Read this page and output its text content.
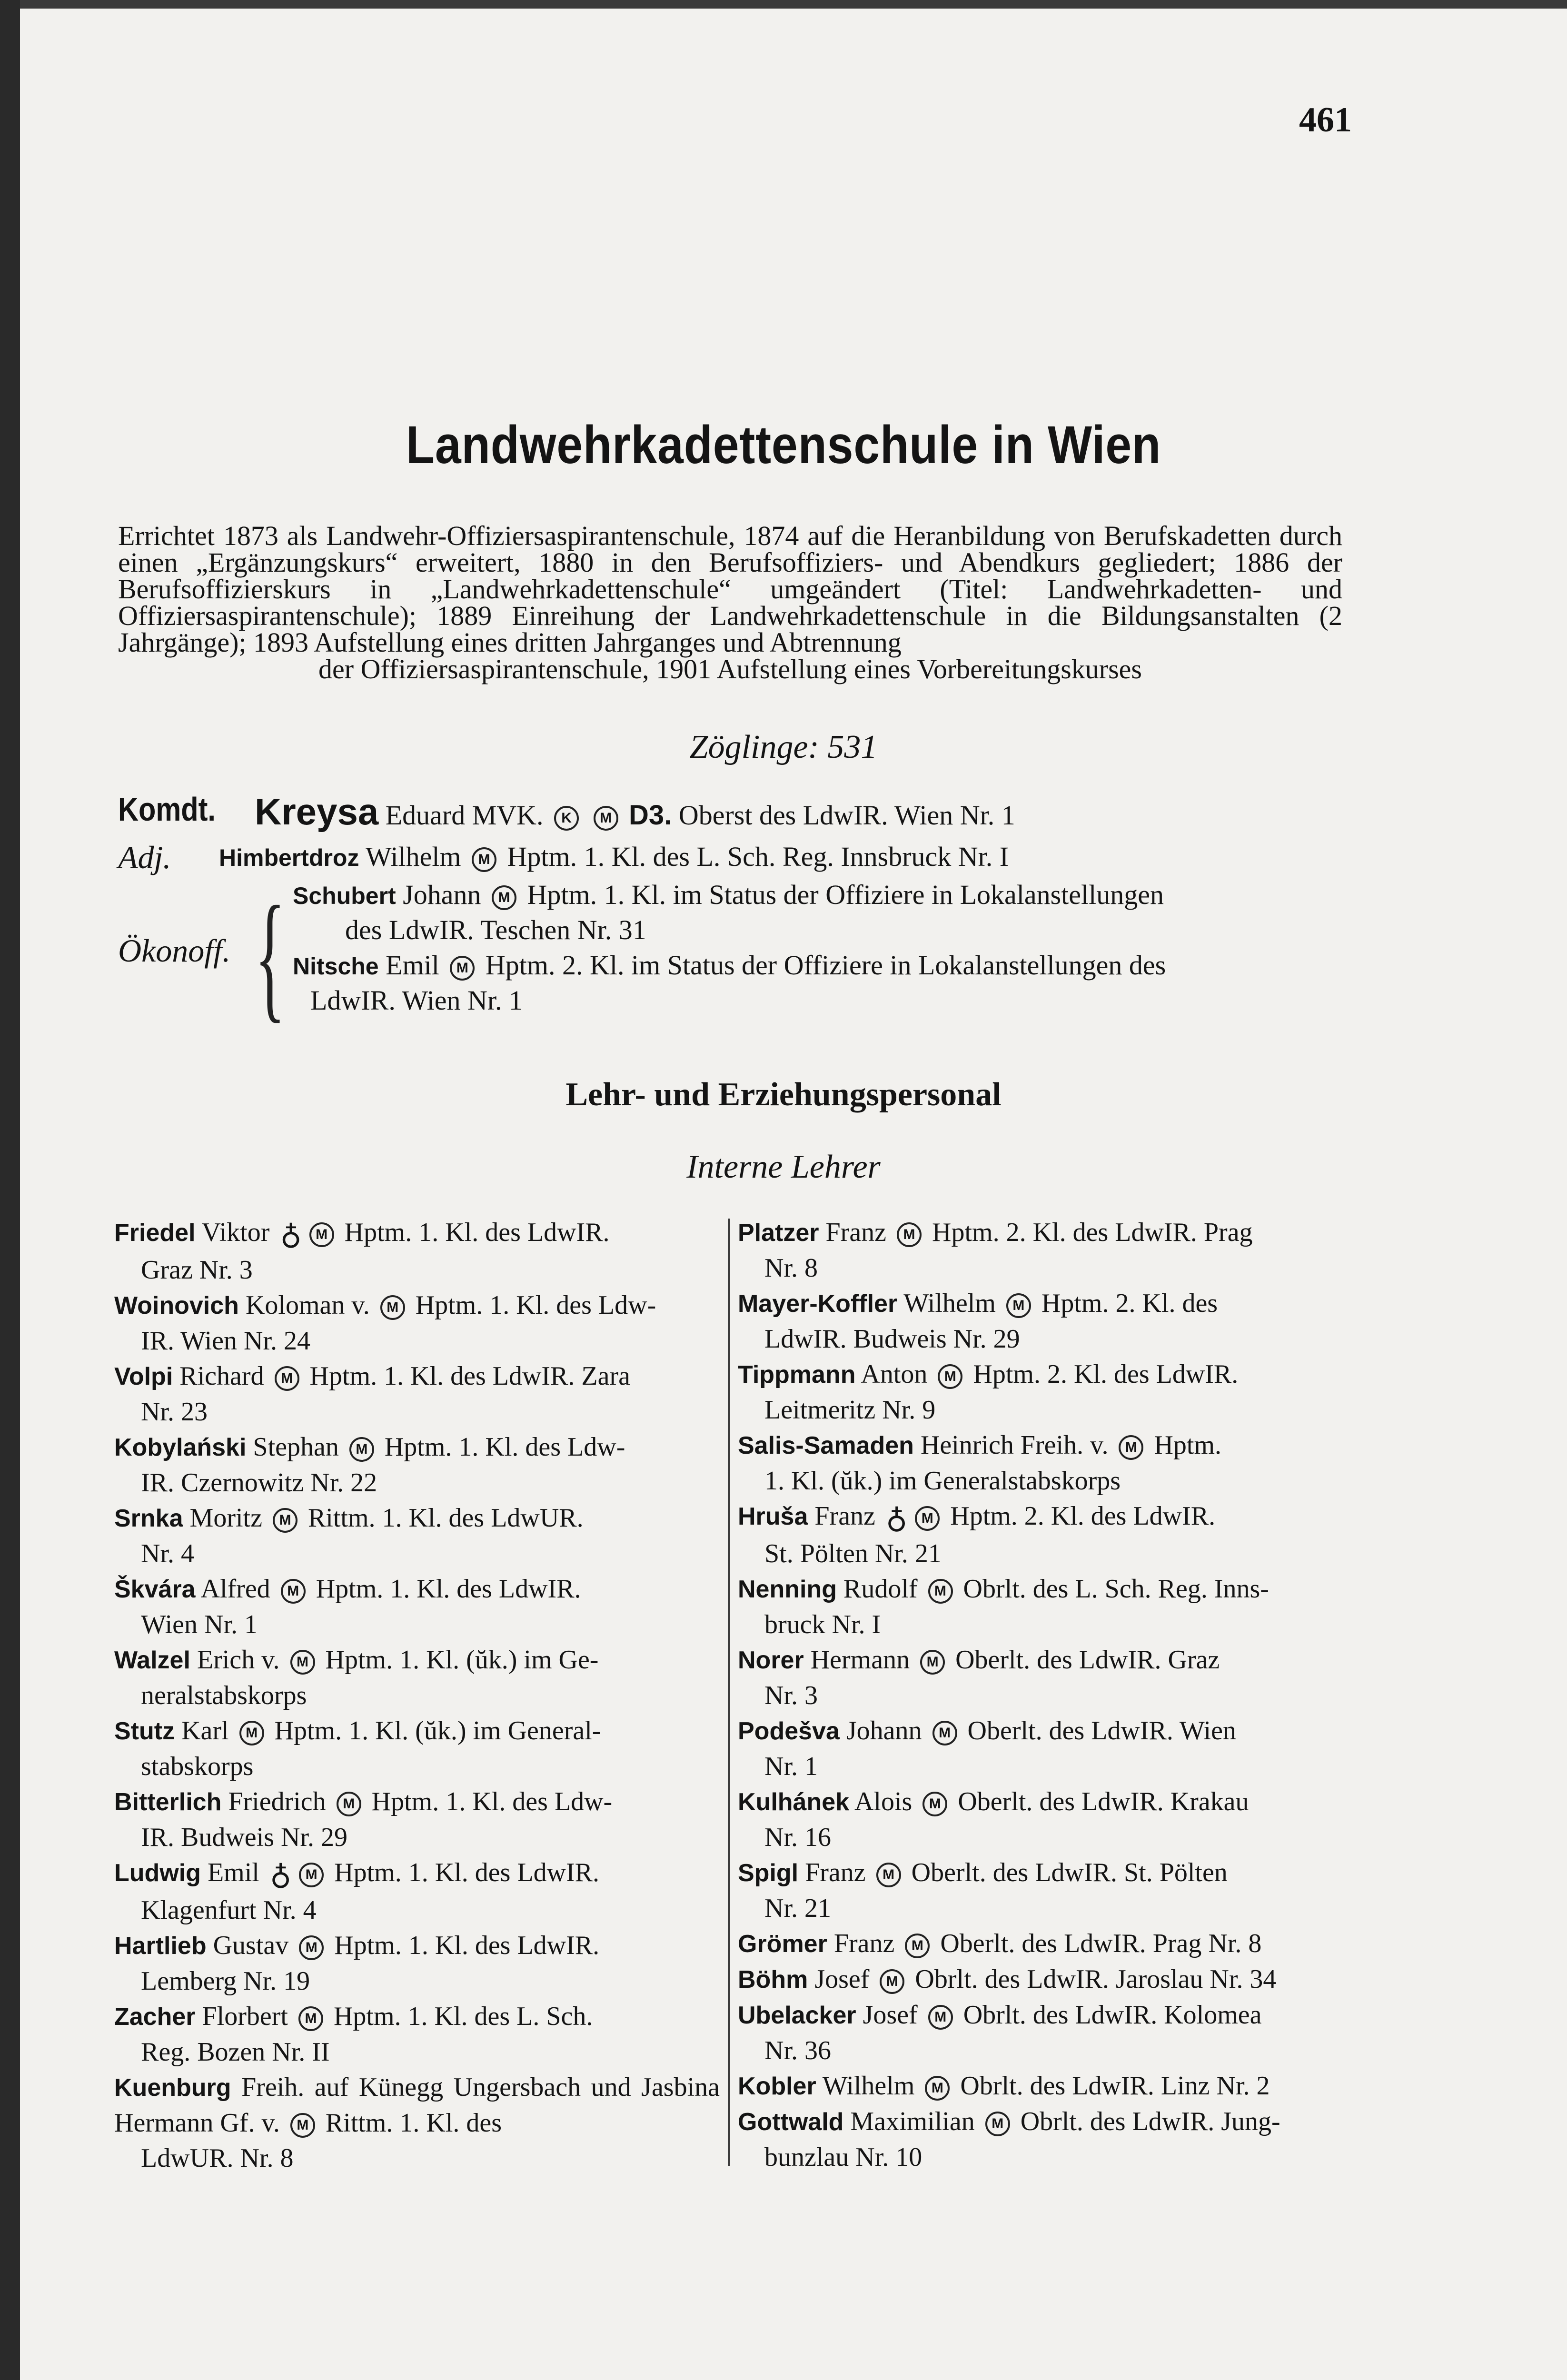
461
Landwehrkadettenschule in Wien
Errichtet 1873 als Landwehr-Offiziersaspirantenschule, 1874 auf die Heranbildung von Berufskadetten durch einen „Ergänzungskurs“ erweitert, 1880 in den Berufsoffiziers- und Abendkurs gegliedert; 1886 der Berufsoffizierskurs in „Landwehrkadettenschule“ umgeändert (Titel: Landwehrkadetten- und Offiziersaspirantenschule); 1889 Einreihung der Landwehrkadettenschule in die Bildungsanstalten (2 Jahrgänge); 1893 Aufstellung eines dritten Jahrganges und Abtrennung
der Offiziersaspirantenschule, 1901 Aufstellung eines Vorbereitungskurses
Zöglinge: 531
Komdt. Kreysa Eduard MVK. K M D3. Oberst des LdwIR. Wien Nr. 1
Adj. Himbertdroz Wilhelm M Hptm. 1. Kl. des L. Sch. Reg. Innsbruck Nr. I
Ökonoff. { Schubert Johann M Hptm. 1. Kl. im Status der Offiziere in Lokalanstellungen
des LdwIR. Teschen Nr. 31
Nitsche Emil M Hptm. 2. Kl. im Status der Offiziere in Lokalanstellungen des
LdwIR. Wien Nr. 1
Lehr- und Erziehungspersonal
Interne Lehrer
Friedel Viktor ♁ M Hptm. 1. Kl. des LdwIR.
Graz Nr. 3
Woinovich Koloman v. M Hptm. 1. Kl. des Ldw-
IR. Wien Nr. 24
Volpi Richard M Hptm. 1. Kl. des LdwIR. Zara
Nr. 23
Kobylański Stephan M Hptm. 1. Kl. des Ldw-
IR. Czernowitz Nr. 22
Srnka Moritz M Rittm. 1. Kl. des LdwUR.
Nr. 4
Škvára Alfred M Hptm. 1. Kl. des LdwIR.
Wien Nr. 1
Walzel Erich v. M Hptm. 1. Kl. (ŭk.) im Ge-
neralstabskorps
Stutz Karl M Hptm. 1. Kl. (ŭk.) im General-
stabskorps
Bitterlich Friedrich M Hptm. 1. Kl. des Ldw-
IR. Budweis Nr. 29
Ludwig Emil ♁ M Hptm. 1. Kl. des LdwIR.
Klagenfurt Nr. 4
Hartlieb Gustav M Hptm. 1. Kl. des LdwIR.
Lemberg Nr. 19
Zacher Florbert M Hptm. 1. Kl. des L. Sch.
Reg. Bozen Nr. II
Kuenburg Freih. auf Künegg Ungersbach und Jasbina Hermann Gf. v. M Rittm. 1. Kl. des
LdwUR. Nr. 8
Platzer Franz M Hptm. 2. Kl. des LdwIR. Prag
Nr. 8
Mayer-Koffler Wilhelm M Hptm. 2. Kl. des
LdwIR. Budweis Nr. 29
Tippmann Anton M Hptm. 2. Kl. des LdwIR.
Leitmeritz Nr. 9
Salis-Samaden Heinrich Freih. v. M Hptm.
1. Kl. (ŭk.) im Generalstabskorps
Hruša Franz ♁ M Hptm. 2. Kl. des LdwIR.
St. Pölten Nr. 21
Nenning Rudolf M Obrlt. des L. Sch. Reg. Inns-
bruck Nr. I
Norer Hermann M Oberlt. des LdwIR. Graz
Nr. 3
Podešva Johann M Oberlt. des LdwIR. Wien
Nr. 1
Kulhánek Alois M Oberlt. des LdwIR. Krakau
Nr. 16
Spigl Franz M Oberlt. des LdwIR. St. Pölten
Nr. 21
Grömer Franz M Oberlt. des LdwIR. Prag Nr. 8
Böhm Josef M Obrlt. des LdwIR. Jaroslau Nr. 34
Ubelacker Josef M Obrlt. des LdwIR. Kolomea
Nr. 36
Kobler Wilhelm M Obrlt. des LdwIR. Linz Nr. 2
Gottwald Maximilian M Obrlt. des LdwIR. Jung-
bunzlau Nr. 10
